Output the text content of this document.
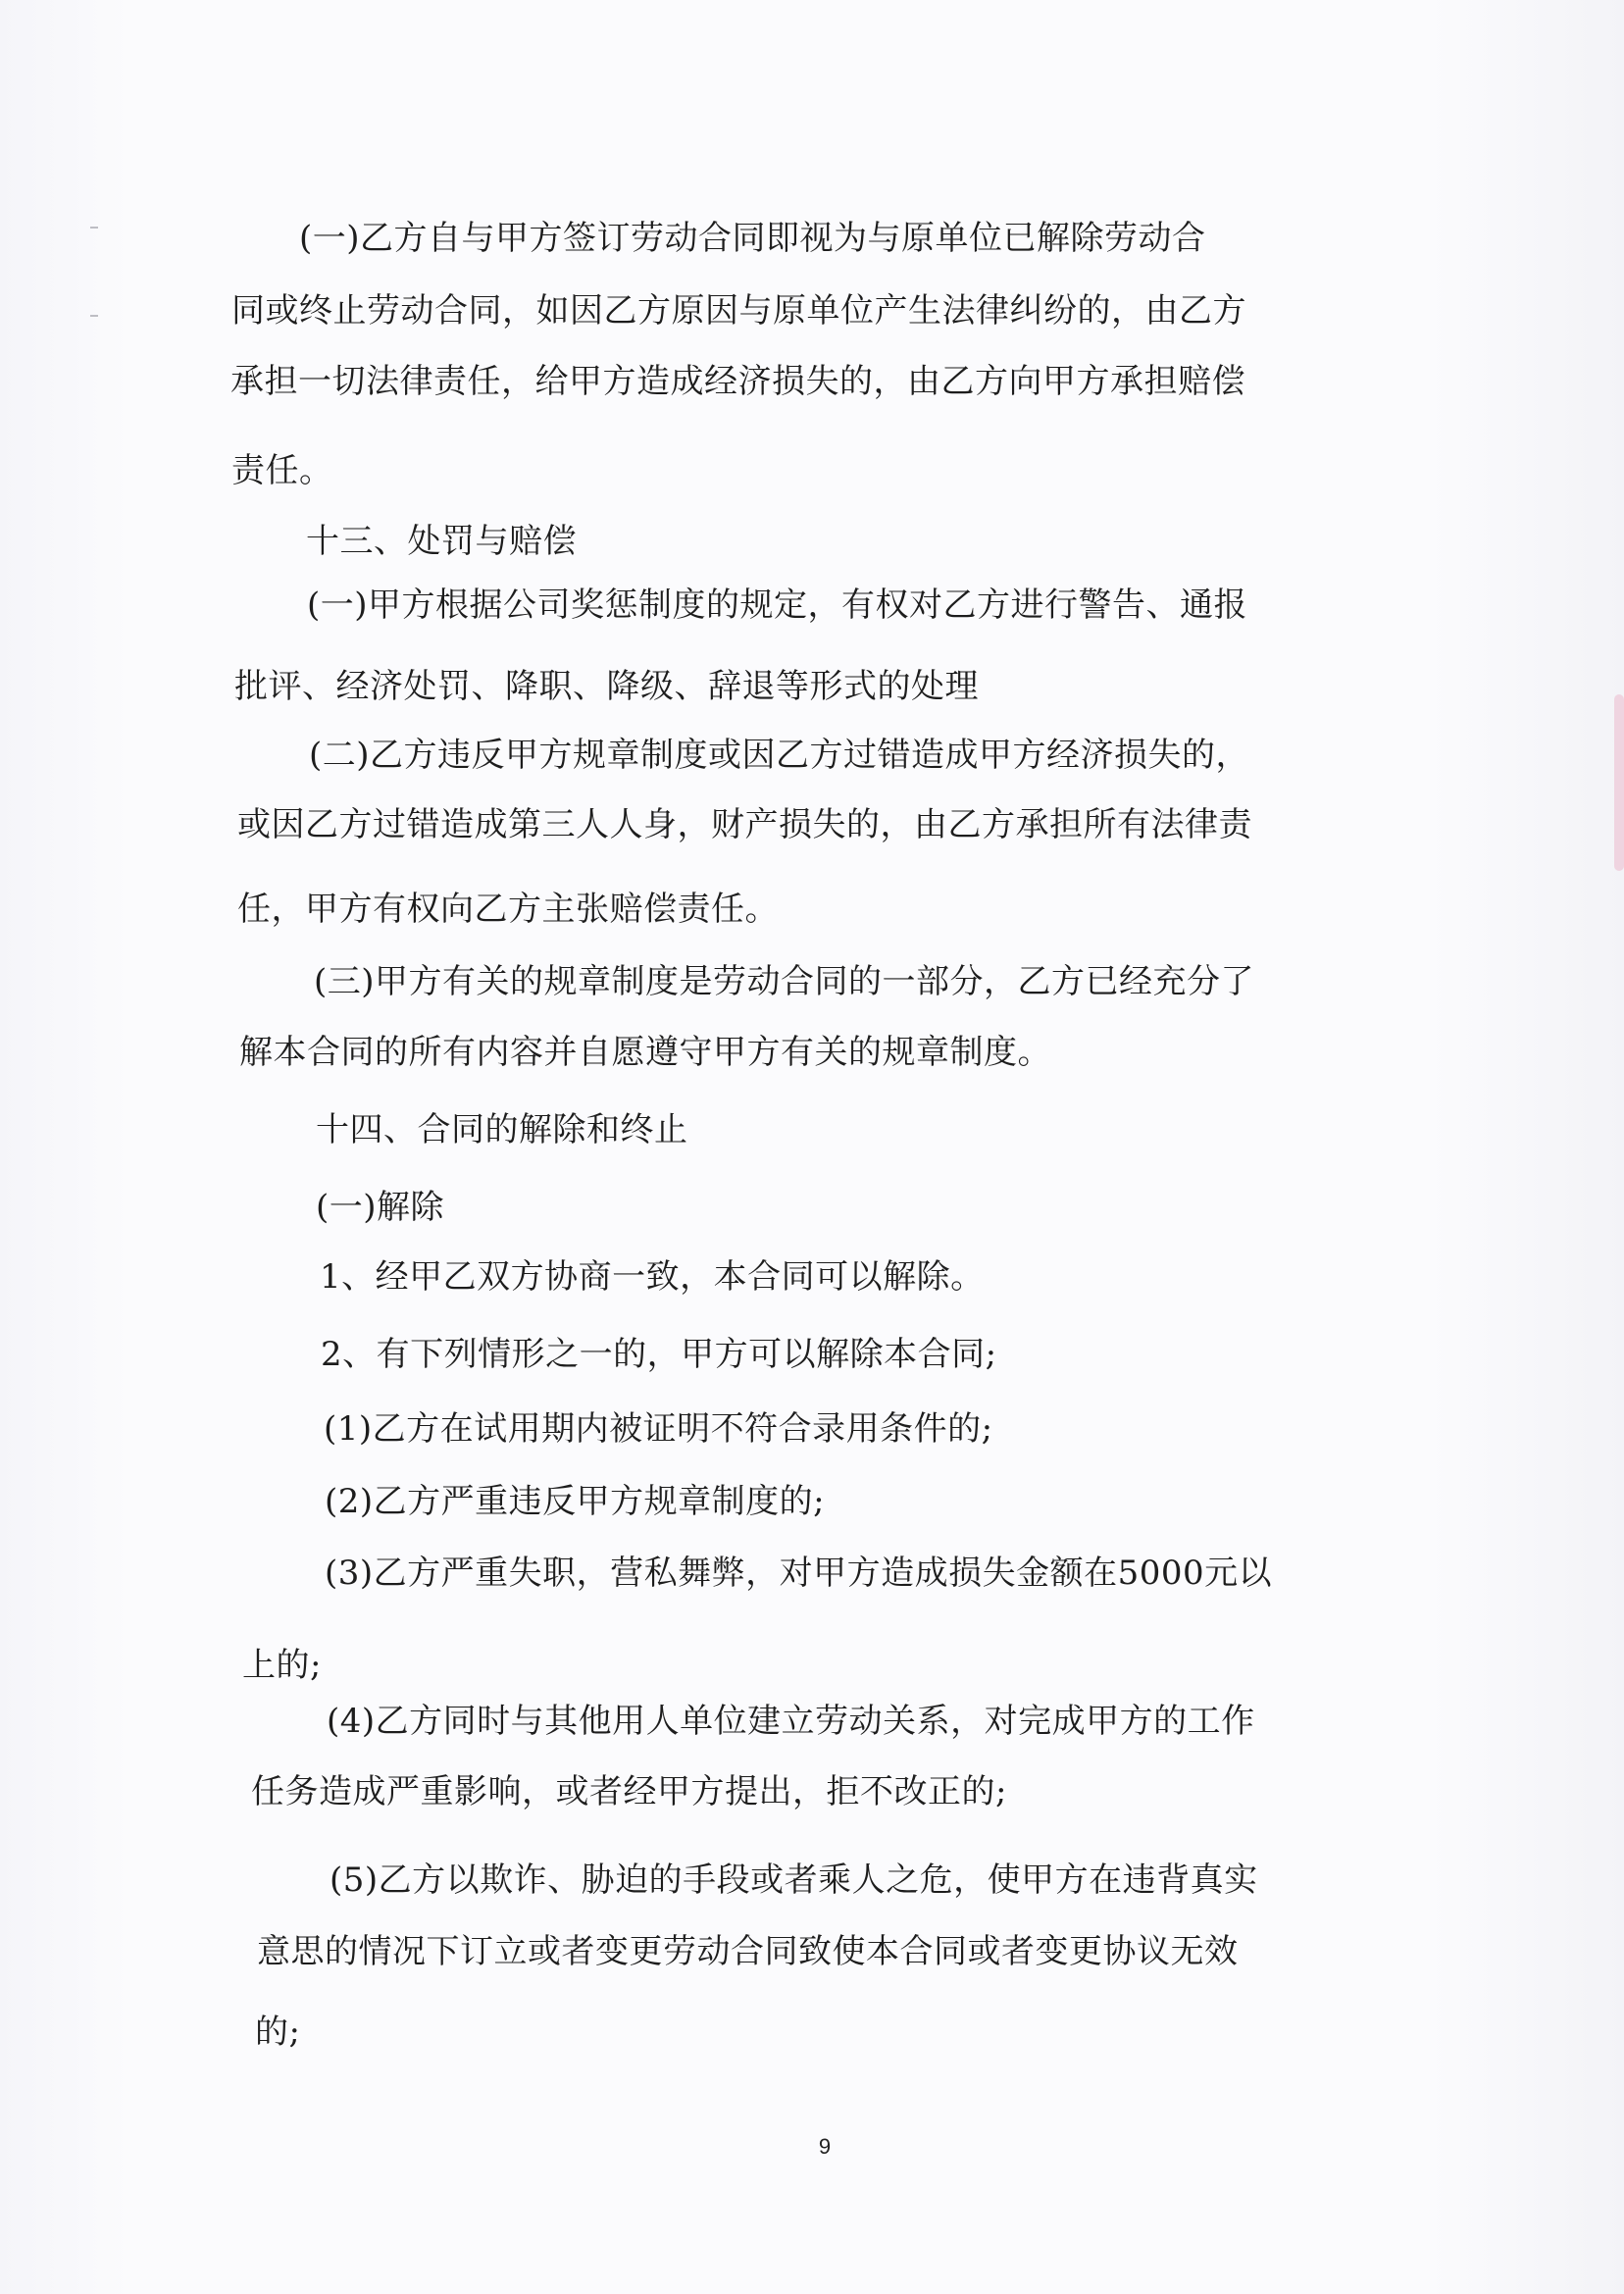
(一)乙方自与甲方签订劳动合同即视为与原单位已解除劳动合
同或终止劳动合同，如因乙方原因与原单位产生法律纠纷的，由乙方
承担一切法律责任，给甲方造成经济损失的，由乙方向甲方承担赔偿
责任。
十三、处罚与赔偿
(一)甲方根据公司奖惩制度的规定，有权对乙方进行警告、通报
批评、经济处罚、降职、降级、辞退等形式的处理
(二)乙方违反甲方规章制度或因乙方过错造成甲方经济损失的，
或因乙方过错造成第三人人身，财产损失的，由乙方承担所有法律责
任，甲方有权向乙方主张赔偿责任。
(三)甲方有关的规章制度是劳动合同的一部分，乙方已经充分了
解本合同的所有内容并自愿遵守甲方有关的规章制度。
十四、合同的解除和终止
(一)解除
1、经甲乙双方协商一致，本合同可以解除。
2、有下列情形之一的，甲方可以解除本合同;
(1)乙方在试用期内被证明不符合录用条件的;
(2)乙方严重违反甲方规章制度的;
(3)乙方严重失职，营私舞弊，对甲方造成损失金额在5000元以
上的;
(4)乙方同时与其他用人单位建立劳动关系，对完成甲方的工作
任务造成严重影响，或者经甲方提出，拒不改正的;
(5)乙方以欺诈、胁迫的手段或者乘人之危，使甲方在违背真实
意思的情况下订立或者变更劳动合同致使本合同或者变更协议无效
的;
9
